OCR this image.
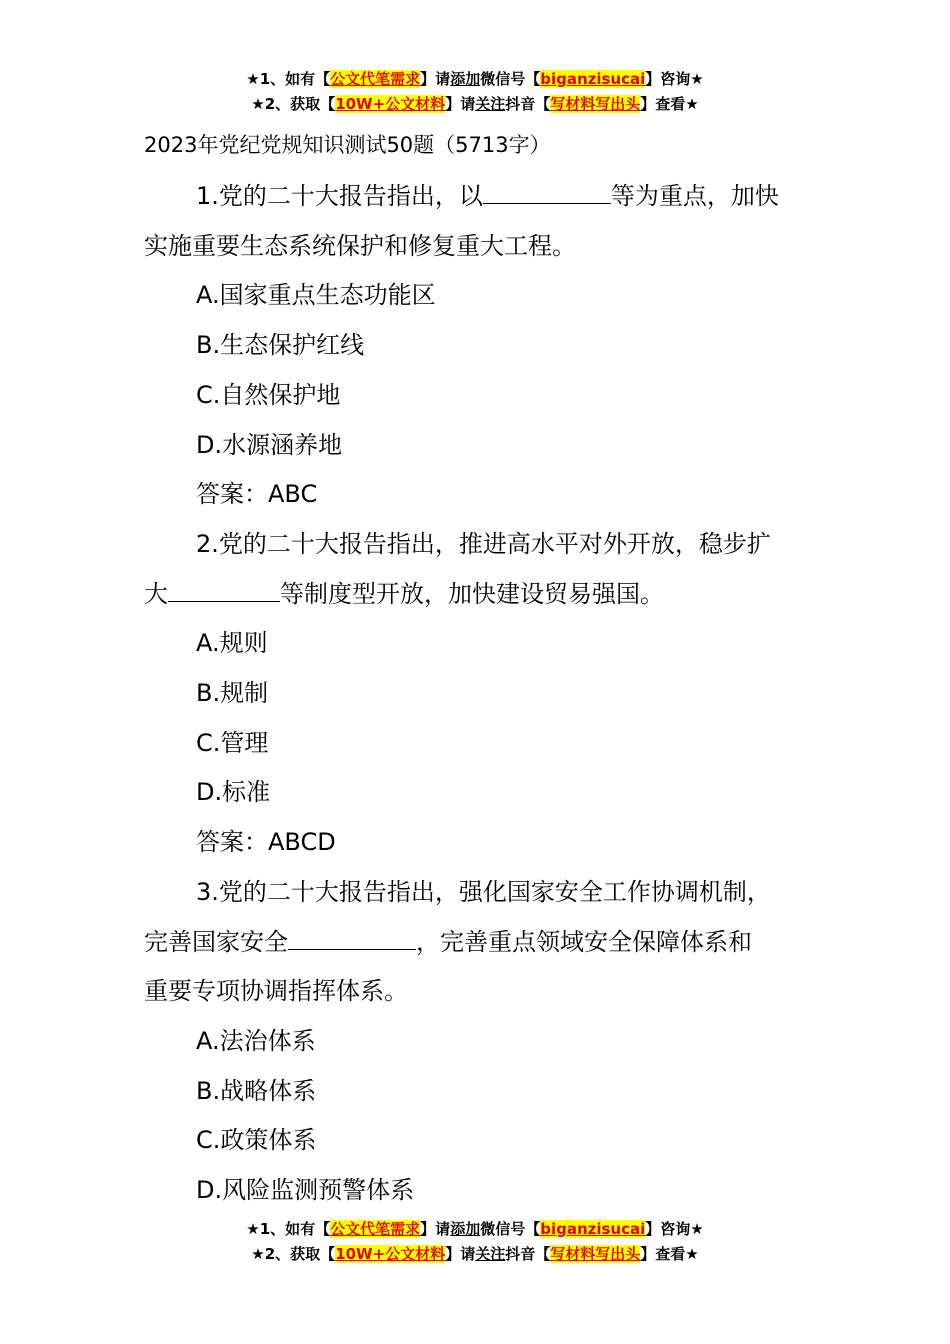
★1、如有【公文代笔需求】请添加微信号【biganzisucai】咨询★
★2、获取【10W+公文材料】请关注抖音【写材料写出头】查看★
2023年党纪党规知识测试50题（5713字）
1.党的二十大报告指出，以	等为重点，加快
实施重要生态系统保护和修复重大工程。
A.国家重点生态功能区
B.生态保护红线
C.自然保护地
D.水源涵养地
答案：ABC
2.党的二十大报告指出，推进高水平对外开放，稳步扩
大	等制度型开放，加快建设贸易强国。
A.规则
B.规制
C.管理
D.标准
答案：ABCD
3.党的二十大报告指出，强化国家安全工作协调机制，
完善国家安全	，完善重点领域安全保障体系和
重要专项协调指挥体系。
A.法治体系
B.战略体系
C.政策体系
D.风险监测预警体系
★1、如有【公文代笔需求】请添加微信号【biganzisucai】咨询★
★2、获取【10W+公文材料】请关注抖音【写材料写出头】查看★
